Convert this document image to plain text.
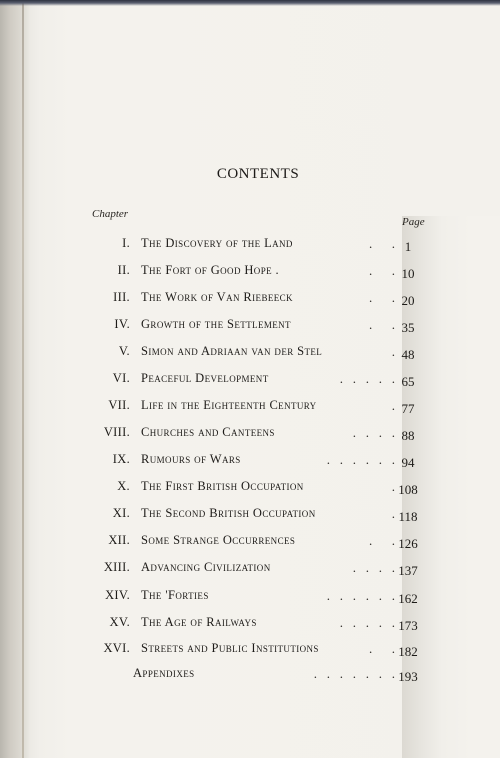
CONTENTS
Chapter
Page
I. The Discovery of the Land	.      . 1
II. The Fort of Good Hope .	.      . 10
III. The Work of Van Riebeeck	.      . 20
IV. Growth of the Settlement	.      . 35
V. Simon and Adriaan van der Stel	. 48
VI. Peaceful Development	.   .   .   .   . 65
VII. Life in the Eighteenth Century	. 77
VIII. Churches and Canteens	.   .   .   . 88
IX. Rumours of Wars	.   .   .   .   .   . 94
X. The First British Occupation	. 108
XI. The Second British Occupation	. 118
XII. Some Strange Occurrences	.      . 126
XIII. Advancing Civilization	.   .   .   . 137
XIV. The 'Forties	.   .   .   .   .   . 162
XV. The Age of Railways	.   .   .   .   . 173
XVI. Streets and Public Institutions	.      . 182
Appendixes	.   .   .   .   .   .   . 193
